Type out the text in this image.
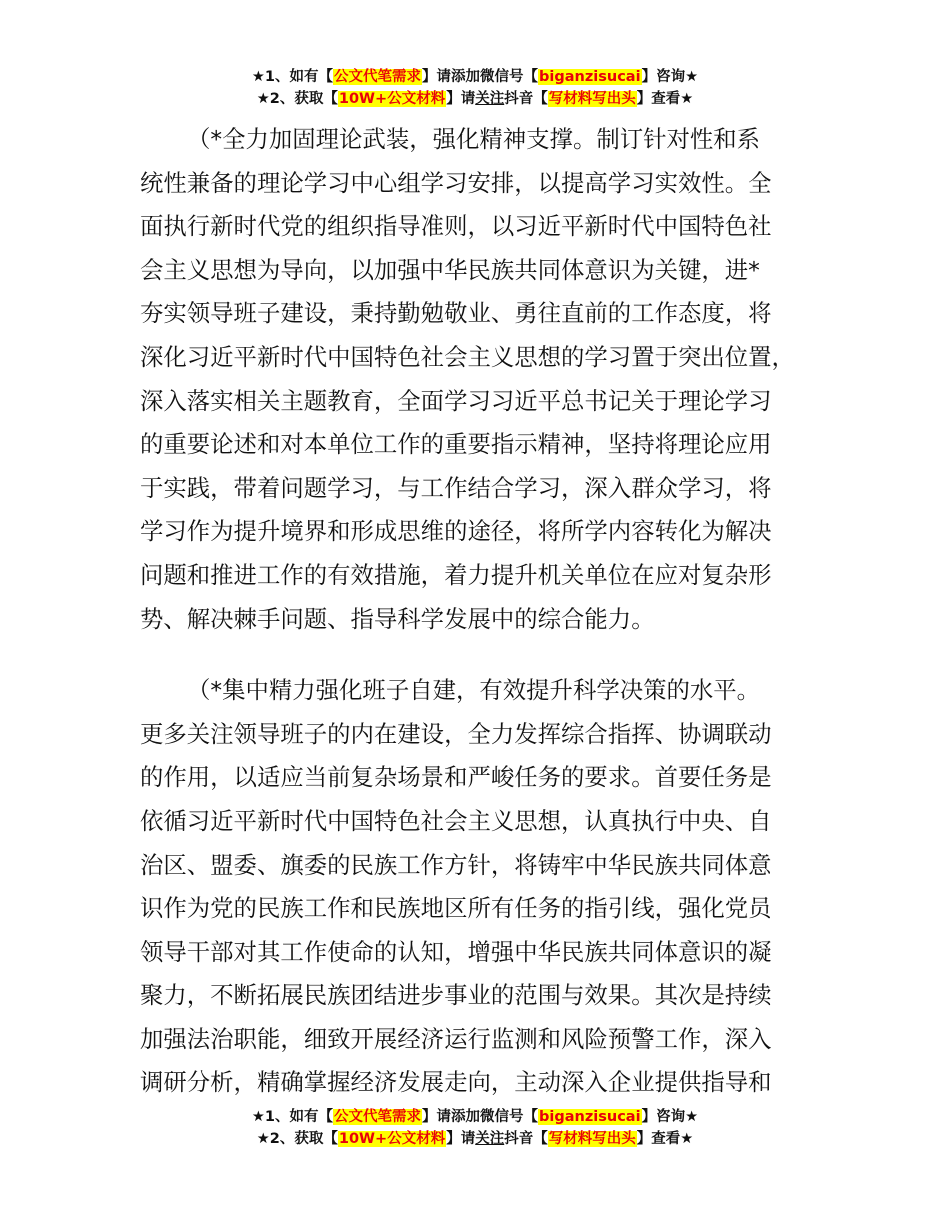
★1、如有【公文代笔需求】请添加微信号【biganzisucai】咨询★
★2、获取【10W+公文材料】请关注抖音【写材料写出头】查看★
（*全力加固理论武装，强化精神支撑。制订针对性和系
统性兼备的理论学习中心组学习安排，以提高学习实效性。全
面执行新时代党的组织指导准则，以习近平新时代中国特色社
会主义思想为导向，以加强中华民族共同体意识为关键，进*
夯实领导班子建设，秉持勤勉敬业、勇往直前的工作态度，将
深化习近平新时代中国特色社会主义思想的学习置于突出位置，
深入落实相关主题教育，全面学习习近平总书记关于理论学习
的重要论述和对本单位工作的重要指示精神，坚持将理论应用
于实践，带着问题学习，与工作结合学习，深入群众学习，将
学习作为提升境界和形成思维的途径，将所学内容转化为解决
问题和推进工作的有效措施，着力提升机关单位在应对复杂形
势、解决棘手问题、指导科学发展中的综合能力。
（*集中精力强化班子自建，有效提升科学决策的水平。
更多关注领导班子的内在建设，全力发挥综合指挥、协调联动
的作用，以适应当前复杂场景和严峻任务的要求。首要任务是
依循习近平新时代中国特色社会主义思想，认真执行中央、自
治区、盟委、旗委的民族工作方针，将铸牢中华民族共同体意
识作为党的民族工作和民族地区所有任务的指引线，强化党员
领导干部对其工作使命的认知，增强中华民族共同体意识的凝
聚力，不断拓展民族团结进步事业的范围与效果。其次是持续
加强法治职能，细致开展经济运行监测和风险预警工作，深入
调研分析，精确掌握经济发展走向，主动深入企业提供指导和
★1、如有【公文代笔需求】请添加微信号【biganzisucai】咨询★
★2、获取【10W+公文材料】请关注抖音【写材料写出头】查看★
